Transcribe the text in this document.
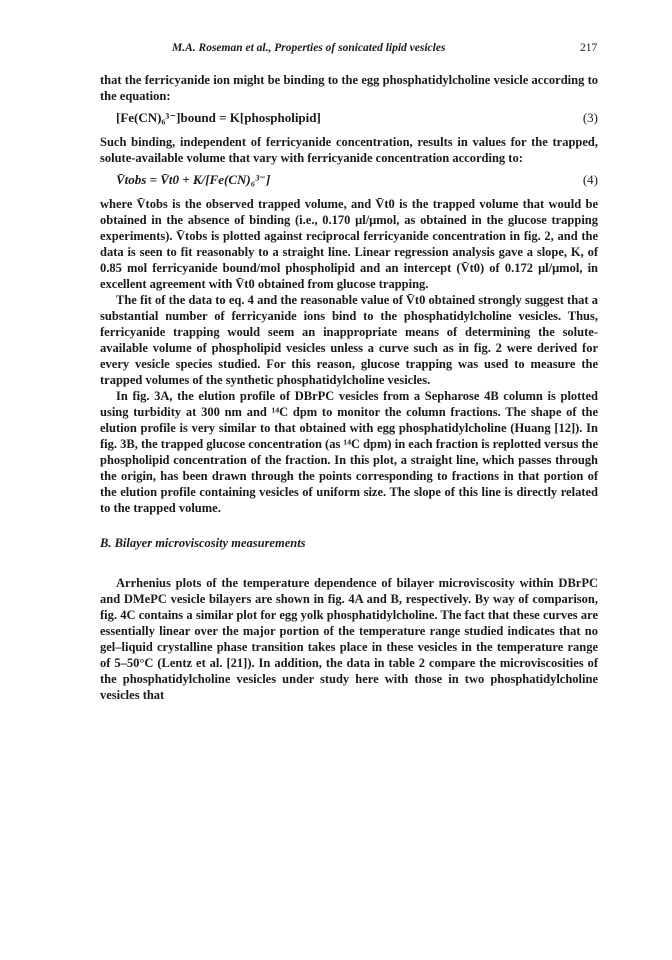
M.A. Roseman et al., Properties of sonicated lipid vesicles	217

that the ferricyanide ion might be binding to the egg phosphatidylcholine vesicle according to the equation:

[Fe(CN)₆³⁻]bound = K[phospholipid]	(3)

Such binding, independent of ferricyanide concentration, results in values for the trapped, solute-available volume that vary with ferricyanide concentration according to:

V̄tobs = V̄t0 + K/[Fe(CN)₆³⁻]	(4)

where V̄tobs is the observed trapped volume, and V̄t0 is the trapped volume that would be obtained in the absence of binding (i.e., 0.170 μl/μmol, as obtained in the glucose trapping experiments). V̄tobs is plotted against reciprocal ferricyanide concentration in fig. 2, and the data is seen to fit reasonably to a straight line. Linear regression analysis gave a slope, K, of 0.85 mol ferricyanide bound/mol phospholipid and an intercept (V̄t0) of 0.172 μl/μmol, in excellent agreement with V̄t0 obtained from glucose trapping.

The fit of the data to eq. 4 and the reasonable value of V̄t0 obtained strongly suggest that a substantial number of ferricyanide ions bind to the phosphatidylcholine vesicles. Thus, ferricyanide trapping would seem an inappropriate means of determining the solute-available volume of phospholipid vesicles unless a curve such as in fig. 2 were derived for every vesicle species studied. For this reason, glucose trapping was used to measure the trapped volumes of the synthetic phosphatidylcholine vesicles.

In fig. 3A, the elution profile of DBrPC vesicles from a Sepharose 4B column is plotted using turbidity at 300 nm and ¹⁴C dpm to monitor the column fractions. The shape of the elution profile is very similar to that obtained with egg phosphatidylcholine (Huang [12]). In fig. 3B, the trapped glucose concentration (as ¹⁴C dpm) in each fraction is replotted versus the phospholipid concentration of the fraction. In this plot, a straight line, which passes through the origin, has been drawn through the points corresponding to fractions in that portion of the elution profile containing vesicles of uniform size. The slope of this line is directly related to the trapped volume.

B. Bilayer microviscosity measurements

Arrhenius plots of the temperature dependence of bilayer microviscosity within DBrPC and DMePC vesicle bilayers are shown in fig. 4A and B, respectively. By way of comparison, fig. 4C contains a similar plot for egg yolk phosphatidylcholine. The fact that these curves are essentially linear over the major portion of the temperature range studied indicates that no gel–liquid crystalline phase transition takes place in these vesicles in the temperature range of 5–50°C (Lentz et al. [21]). In addition, the data in table 2 compare the microviscosities of the phosphatidylcholine vesicles under study here with those in two phosphatidylcholine vesicles that
